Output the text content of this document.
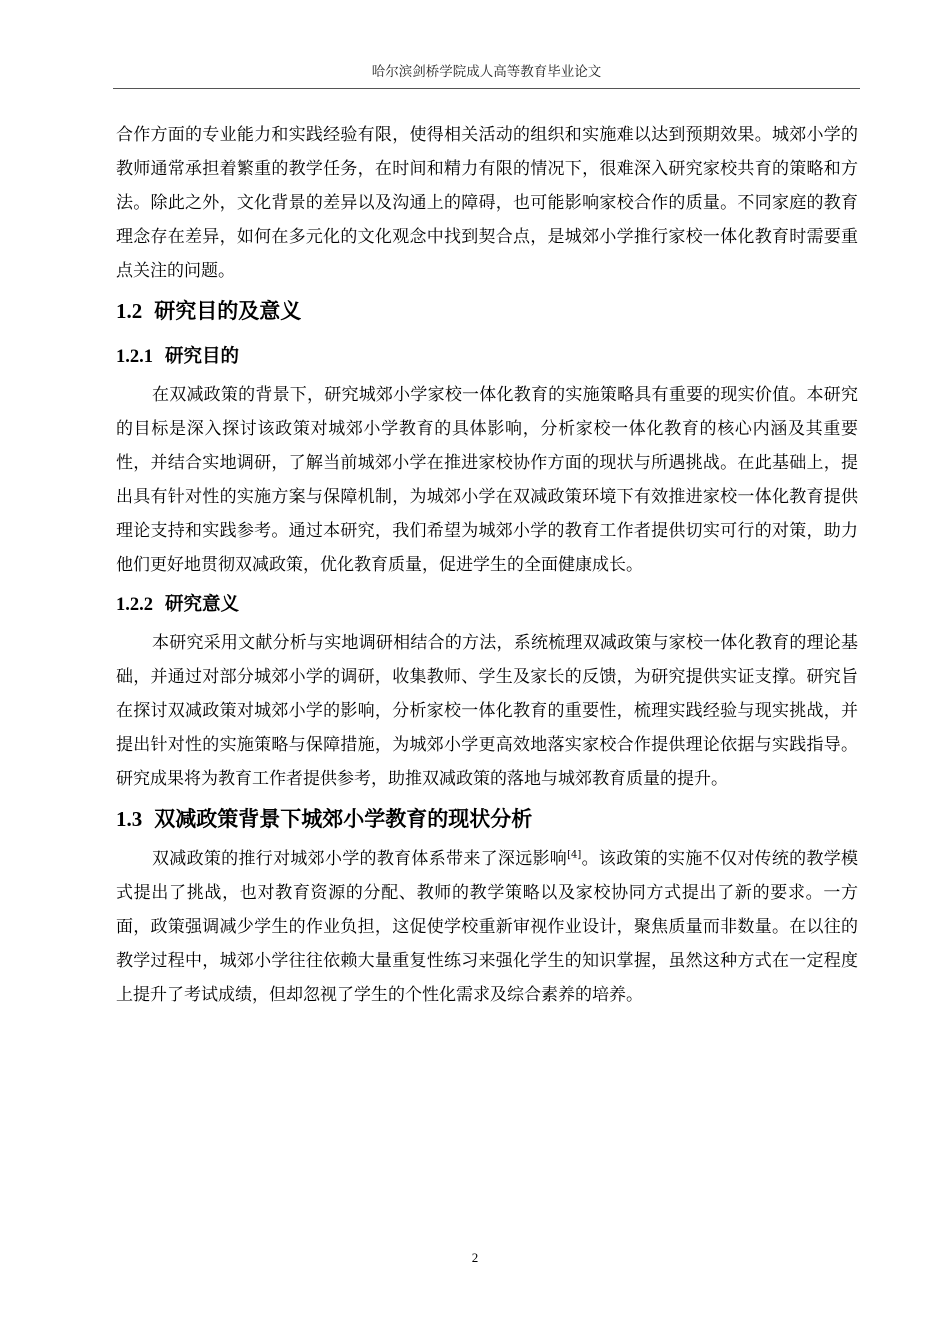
哈尔滨剑桥学院成人高等教育毕业论文

合作方面的专业能力和实践经验有限，使得相关活动的组织和实施难以达到预期效果。城郊小学的教师通常承担着繁重的教学任务，在时间和精力有限的情况下，很难深入研究家校共育的策略和方法。除此之外，文化背景的差异以及沟通上的障碍，也可能影响家校合作的质量。不同家庭的教育理念存在差异，如何在多元化的文化观念中找到契合点，是城郊小学推行家校一体化教育时需要重点关注的问题。

1.2 研究目的及意义
1.2.1 研究目的

在双减政策的背景下，研究城郊小学家校一体化教育的实施策略具有重要的现实价值。本研究的目标是深入探讨该政策对城郊小学教育的具体影响，分析家校一体化教育的核心内涵及其重要性，并结合实地调研，了解当前城郊小学在推进家校协作方面的现状与所遇挑战。在此基础上，提出具有针对性的实施方案与保障机制，为城郊小学在双减政策环境下有效推进家校一体化教育提供理论支持和实践参考。通过本研究，我们希望为城郊小学的教育工作者提供切实可行的对策，助力他们更好地贯彻双减政策，优化教育质量，促进学生的全面健康成长。

1.2.2 研究意义

本研究采用文献分析与实地调研相结合的方法，系统梳理双减政策与家校一体化教育的理论基础，并通过对部分城郊小学的调研，收集教师、学生及家长的反馈，为研究提供实证支撑。研究旨在探讨双减政策对城郊小学的影响，分析家校一体化教育的重要性，梳理实践经验与现实挑战，并提出针对性的实施策略与保障措施，为城郊小学更高效地落实家校合作提供理论依据与实践指导。研究成果将为教育工作者提供参考，助推双减政策的落地与城郊教育质量的提升。

1.3 双减政策背景下城郊小学教育的现状分析

双减政策的推行对城郊小学的教育体系带来了深远影响[4]。该政策的实施不仅对传统的教学模式提出了挑战，也对教育资源的分配、教师的教学策略以及家校协同方式提出了新的要求。一方面，政策强调减少学生的作业负担，这促使学校重新审视作业设计，聚焦质量而非数量。在以往的教学过程中，城郊小学往往依赖大量重复性练习来强化学生的知识掌握，虽然这种方式在一定程度上提升了考试成绩，但却忽视了学生的个性化需求及综合素养的培养。

2
